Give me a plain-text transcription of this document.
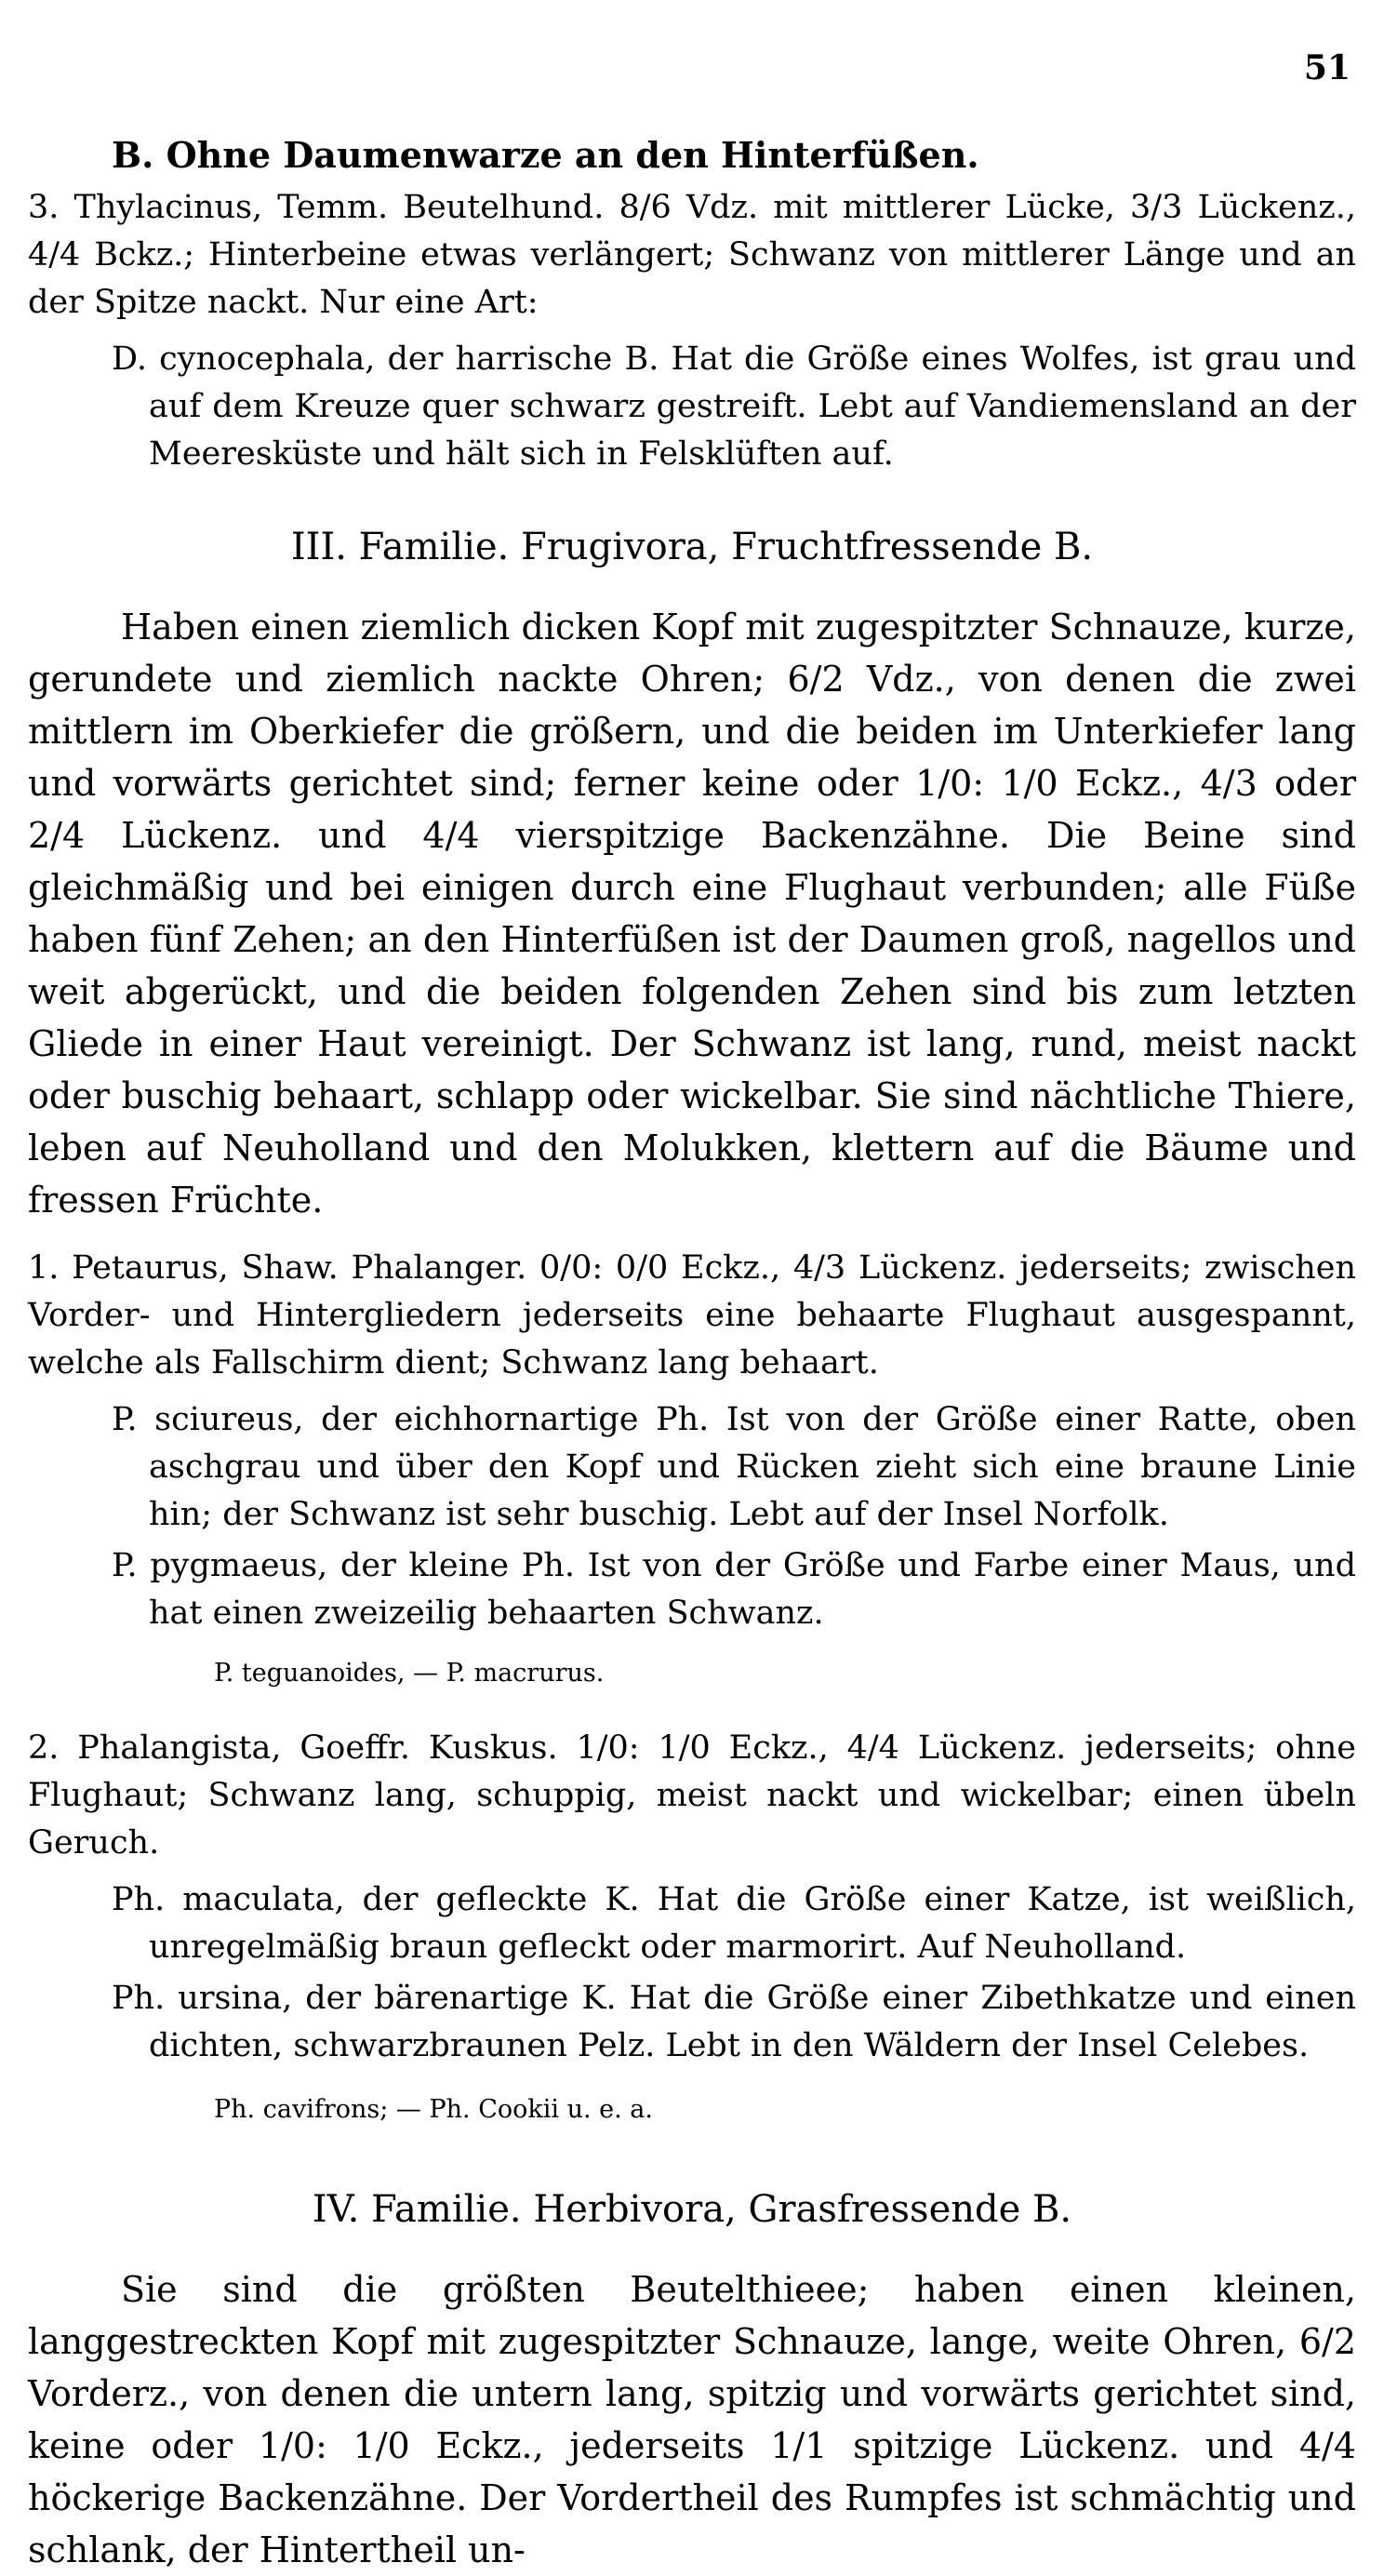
51
B. Ohne Daumenwarze an den Hinterfüßen.

3. Thylacinus, Temm. Beutelhund. 8/6 Vdz. mit mittlerer Lücke, 3/3 Lückenz., 4/4 Bckz.; Hinterbeine etwas verlängert; Schwanz von mittlerer Länge und an der Spitze nackt. Nur eine Art:

D. cynocephala, der harrische B. Hat die Größe eines Wolfes, ist grau und auf dem Kreuze quer schwarz gestreift. Lebt auf Vandiemensland an der Meeresküste und hält sich in Felsklüften auf.

III. Familie. Frugivora, Fruchtfressende B.

Haben einen ziemlich dicken Kopf mit zugespitzter Schnauze, kurze, gerundete und ziemlich nackte Ohren; 6/2 Vdz., von denen die zwei mittlern im Oberkiefer die größern, und die beiden im Unterkiefer lang und vorwärts gerichtet sind; ferner keine oder 1/0: 1/0 Eckz., 4/3 oder 2/4 Lückenz. und 4/4 vierspitzige Backenzähne. Die Beine sind gleichmäßig und bei einigen durch eine Flughaut verbunden; alle Füße haben fünf Zehen; an den Hinterfüßen ist der Daumen groß, nagellos und weit abgerückt, und die beiden folgenden Zehen sind bis zum letzten Gliede in einer Haut vereinigt. Der Schwanz ist lang, rund, meist nackt oder buschig behaart, schlapp oder wickelbar. Sie sind nächtliche Thiere, leben auf Neuholland und den Molukken, klettern auf die Bäume und fressen Früchte.

1. Petaurus, Shaw. Phalanger. 0/0: 0/0 Eckz., 4/3 Lückenz. jederseits; zwischen Vorder- und Hintergliedern jederseits eine behaarte Flughaut ausgespannt, welche als Fallschirm dient; Schwanz lang behaart.

P. sciureus, der eichhornartige Ph. Ist von der Größe einer Ratte, oben aschgrau und über den Kopf und Rücken zieht sich eine braune Linie hin; der Schwanz ist sehr buschig. Lebt auf der Insel Norfolk.

P. pygmaeus, der kleine Ph. Ist von der Größe und Farbe einer Maus, und hat einen zweizeilig behaarten Schwanz.

P. teguanoides, — P. macrurus.

2. Phalangista, Goeffr. Kuskus. 1/0: 1/0 Eckz., 4/4 Lückenz. jederseits; ohne Flughaut; Schwanz lang, schuppig, meist nackt und wickelbar; einen übeln Geruch.

Ph. maculata, der gefleckte K. Hat die Größe einer Katze, ist weißlich, unregelmäßig braun gefleckt oder marmorirt. Auf Neuholland.

Ph. ursina, der bärenartige K. Hat die Größe einer Zibethkatze und einen dichten, schwarzbraunen Pelz. Lebt in den Wäldern der Insel Celebes.

Ph. cavifrons; — Ph. Cookii u. e. a.

IV. Familie. Herbivora, Grasfressende B.

Sie sind die größten Beutelthieee; haben einen kleinen, langgestreckten Kopf mit zugespitzter Schnauze, lange, weite Ohren, 6/2 Vorderz., von denen die untern lang, spitzig und vorwärts gerichtet sind, keine oder 1/0: 1/0 Eckz., jederseits 1/1 spitzige Lückenz. und 4/4 höckerige Backenzähne. Der Vordertheil des Rumpfes ist schmächtig und schlank, der Hintertheil un-
